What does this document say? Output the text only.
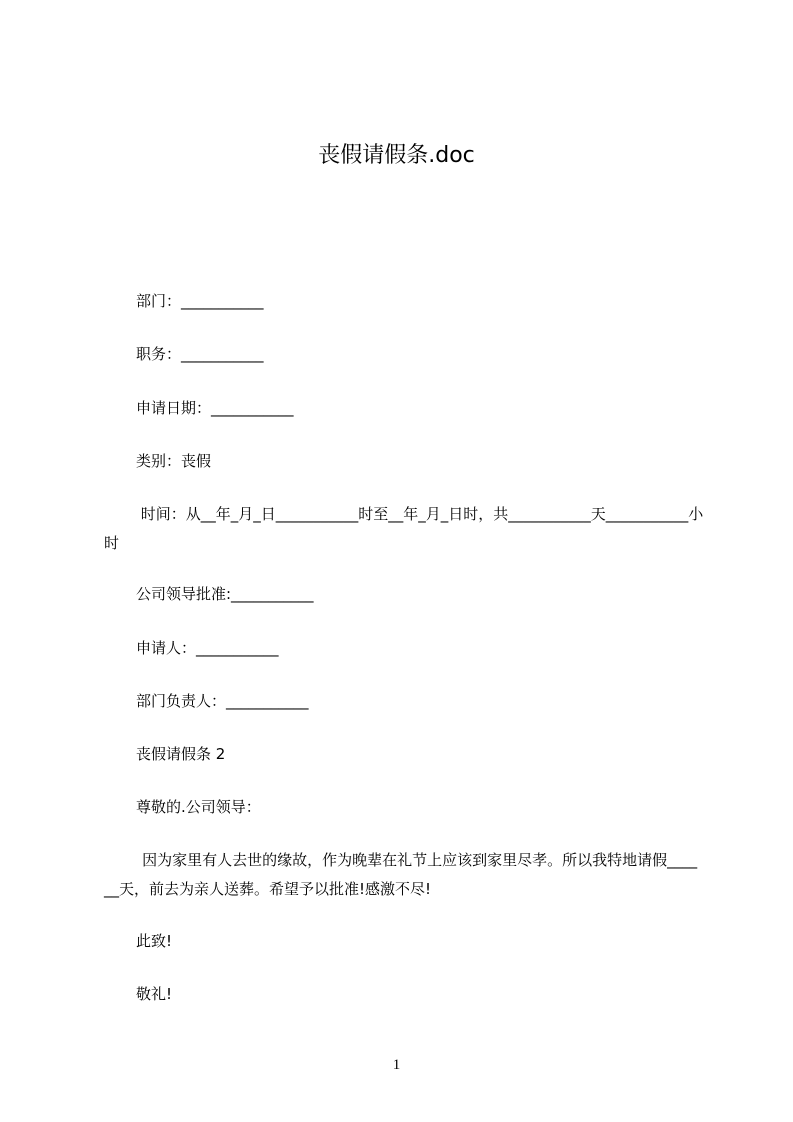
丧假请假条.doc
部门：___________
职务：___________
申请日期：___________
类别：丧假
时间：从__年_月_日___________时至__年_月_日时，共___________天___________小时
公司领导批准:___________
申请人：___________
部门负责人：___________
丧假请假条 2
尊敬的.公司领导：
因为家里有人去世的缘故，作为晚辈在礼节上应该到家里尽孝。所以我特地请假______天，前去为亲人送葬。希望予以批准!感激不尽!
此致!
敬礼!
1
